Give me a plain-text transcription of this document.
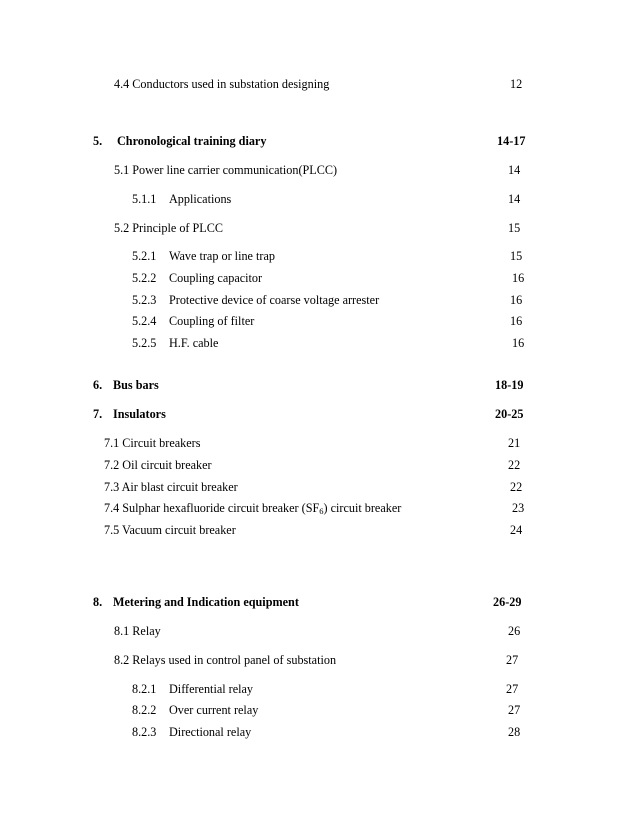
4.4 Conductors used in substation designing	12
5. Chronological training diary	14-17
5.1 Power line carrier communication(PLCC)	14
5.1.1 Applications	14
5.2 Principle of PLCC	15
5.2.1 Wave trap or line trap	15
5.2.2 Coupling capacitor	16
5.2.3 Protective device of coarse voltage arrester	16
5.2.4 Coupling of filter	16
5.2.5 H.F. cable	16
6. Bus bars	18-19
7. Insulators	20-25
7.1 Circuit breakers	21
7.2 Oil circuit breaker	22
7.3 Air blast circuit breaker	22
7.4 Sulphar hexafluoride circuit breaker $(SF_6)$ circuit breaker	23
7.5 Vacuum circuit breaker	24
8. Metering and Indication equipment	26-29
8.1 Relay	26
8.2 Relays used in control panel of substation	27
8.2.1 Differential relay	27
8.2.2 Over current relay	27
8.2.3 Directional relay	28
